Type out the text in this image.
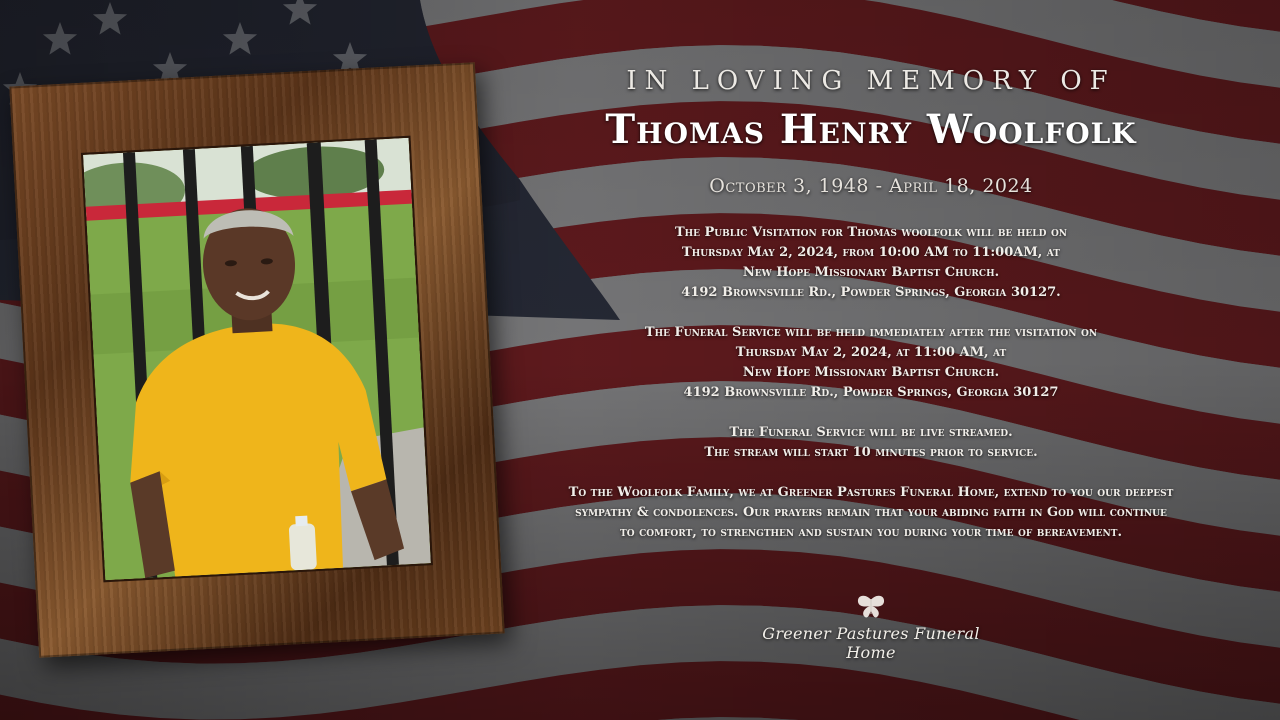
IN LOVING MEMORY OF
Thomas Henry Woolfolk

October 3, 1948 - April 18, 2024

The Public Visitation for Thomas woolfolk will be held on

Thursday May 2, 2024, from 10:00 AM to 11:00AM, at

New Hope Missionary Baptist Church.

4192 Brownsville Rd., Powder Springs, Georgia 30127.

The Funeral Service will be held immediately after the visitation on

Thursday May 2, 2024, at 11:00 AM, at

New Hope Missionary Baptist Church.

4192 Brownsville Rd., Powder Springs, Georgia 30127

The Funeral Service will be live streamed.

The stream will start 10 minutes prior to service.

To the Woolfolk Family, we at Greener Pastures Funeral Home, extend to you our deepest

sympathy & condolences. Our prayers remain that your abiding faith in God will continue

to comfort, to strengthen and sustain you during your time of bereavement.

Greener Pastures Funeral Home
